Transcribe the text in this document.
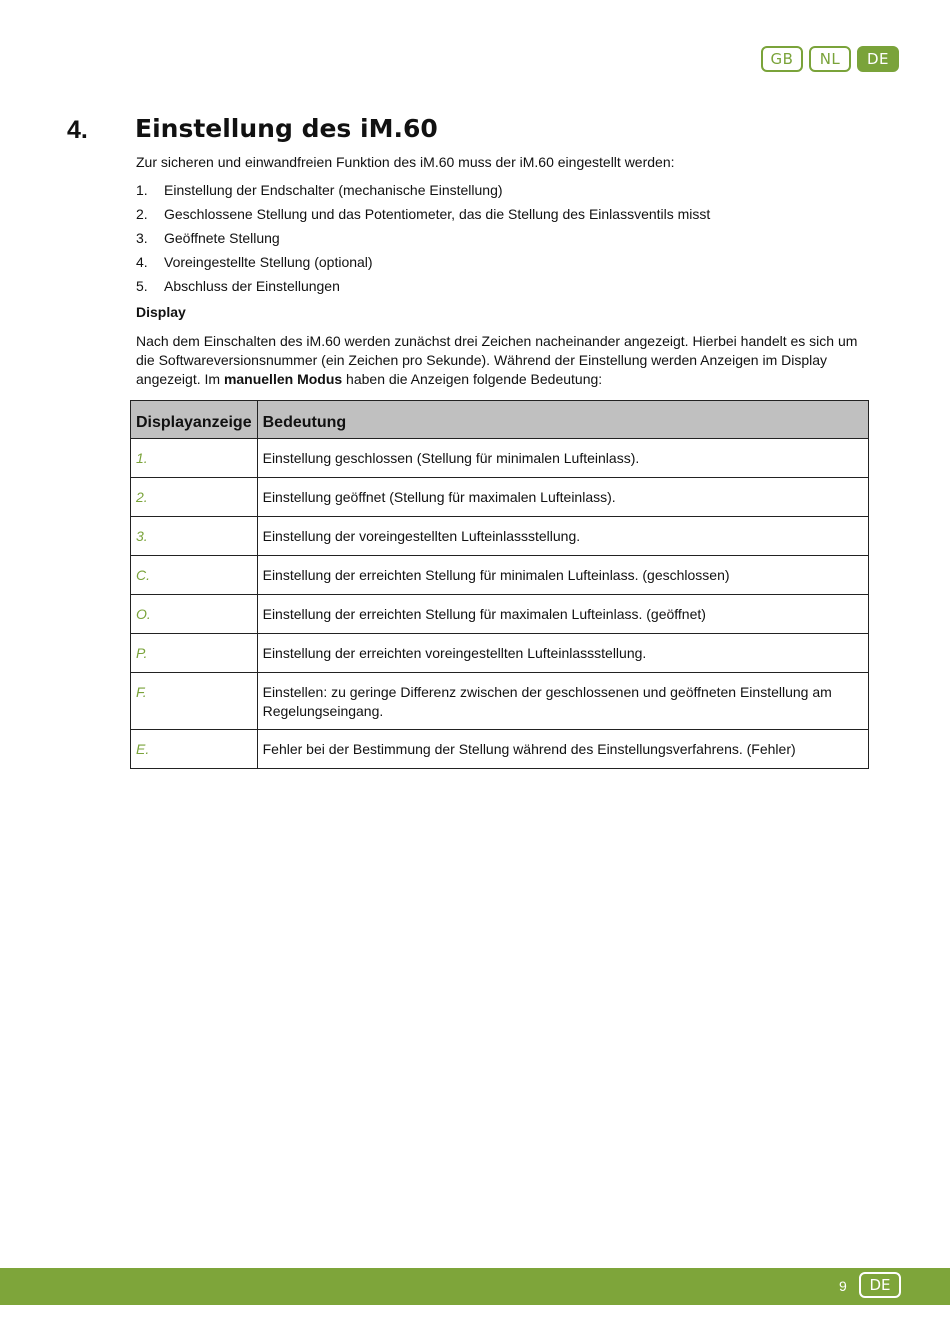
GB	NL	DE
4. Einstellung des iM.60

Zur sicheren und einwandfreien Funktion des iM.60 muss der iM.60 eingestellt werden:

1.	Einstellung der Endschalter (mechanische Einstellung)
2.	Geschlossene Stellung und das Potentiometer, das die Stellung des Einlassventils misst
3.	Geöffnete Stellung
4.	Voreingestellte Stellung (optional)
5.	Abschluss der Einstellungen
Display

Nach dem Einschalten des iM.60 werden zunächst drei Zeichen nacheinander angezeigt. Hierbei handelt es sich um die Softwareversionsnummer (ein Zeichen pro Sekunde). Während der Einstellung werden Anzeigen im Display angezeigt. Im manuellen Modus haben die Anzeigen folgende Bedeutung:

Displayanzeige	Bedeutung
1.	Einstellung geschlossen (Stellung für minimalen Lufteinlass).
2.	Einstellung geöffnet (Stellung für maximalen Lufteinlass).
3.	Einstellung der voreingestellten Lufteinlassstellung.
C.	Einstellung der erreichten Stellung für minimalen Lufteinlass. (geschlossen)
O.	Einstellung der erreichten Stellung für maximalen Lufteinlass. (geöffnet)
P.	Einstellung der erreichten voreingestellten Lufteinlassstellung.
F.	Einstellen: zu geringe Differenz zwischen der geschlossenen und geöffneten Einstellung am Regelungseingang.
E.	Fehler bei der Bestimmung der Stellung während des Einstellungsverfahrens. (Fehler)
9	DE
